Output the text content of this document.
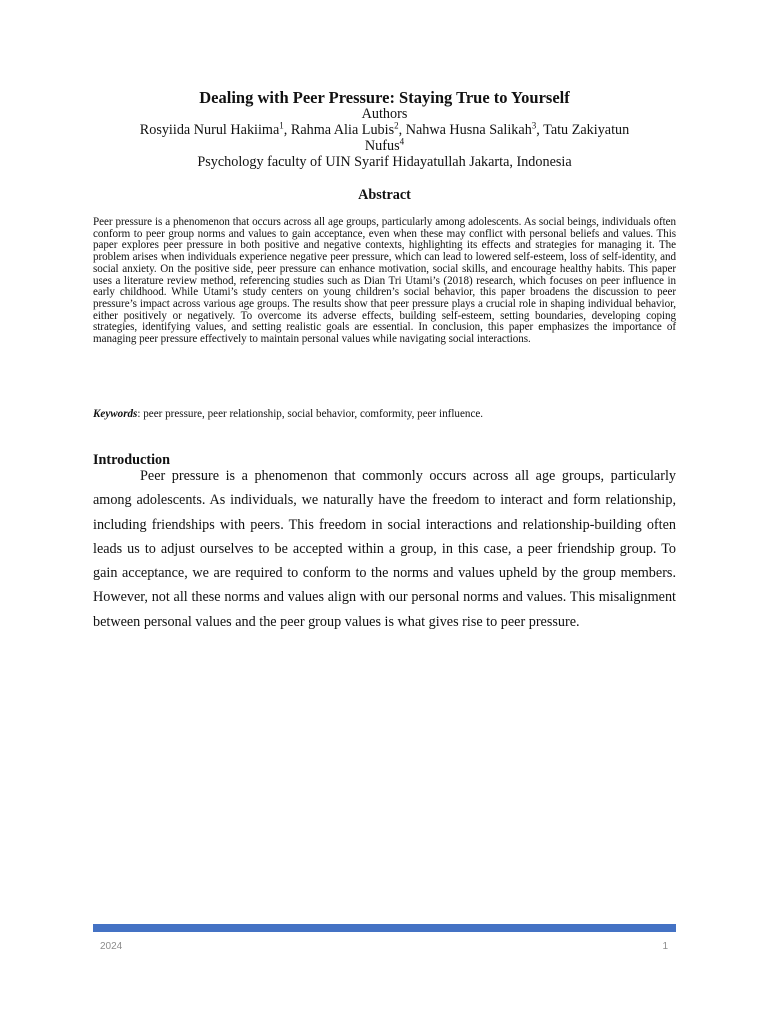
Dealing with Peer Pressure: Staying True to Yourself

Authors

Rosyiida Nurul Hakiima$^1$, Rahma Alia Lubis$^2$, Nahwa Husna Salikah$^3$, Tatu Zakiyatun

Nufus$^4$

Psychology faculty of UIN Syarif Hidayatullah Jakarta, Indonesia

Abstract

Peer pressure is a phenomenon that occurs across all age groups, particularly among adolescents. As social beings, individuals often conform to peer group norms and values to gain acceptance, even when these may conflict with personal beliefs and values. This paper explores peer pressure in both positive and negative contexts, highlighting its effects and strategies for managing it. The problem arises when individuals experience negative peer pressure, which can lead to lowered self-esteem, loss of self-identity, and social anxiety. On the positive side, peer pressure can enhance motivation, social skills, and encourage healthy habits. This paper uses a literature review method, referencing studies such as Dian Tri Utami’s (2018) research, which focuses on peer influence in early childhood. While Utami’s study centers on young children’s social behavior, this paper broadens the discussion to peer pressure’s impact across various age groups. The results show that peer pressure plays a crucial role in shaping individual behavior, either positively or negatively. To overcome its adverse effects, building self-esteem, setting boundaries, developing coping strategies, identifying values, and setting realistic goals are essential. In conclusion, this paper emphasizes the importance of managing peer pressure effectively to maintain personal values while navigating social interactions.

Keywords: peer pressure, peer relationship, social behavior, comformity, peer influence.

Introduction

Peer pressure is a phenomenon that commonly occurs across all age groups, particularly among adolescents. As individuals, we naturally have the freedom to interact and form relationship, including friendships with peers. This freedom in social interactions and relationship-building often leads us to adjust ourselves to be accepted within a group, in this case, a peer friendship group. To gain acceptance, we are required to conform to the norms and values upheld by the group members. However, not all these norms and values align with our personal norms and values. This misalignment between personal values and the peer group values is what gives rise to peer pressure.

2024	1
